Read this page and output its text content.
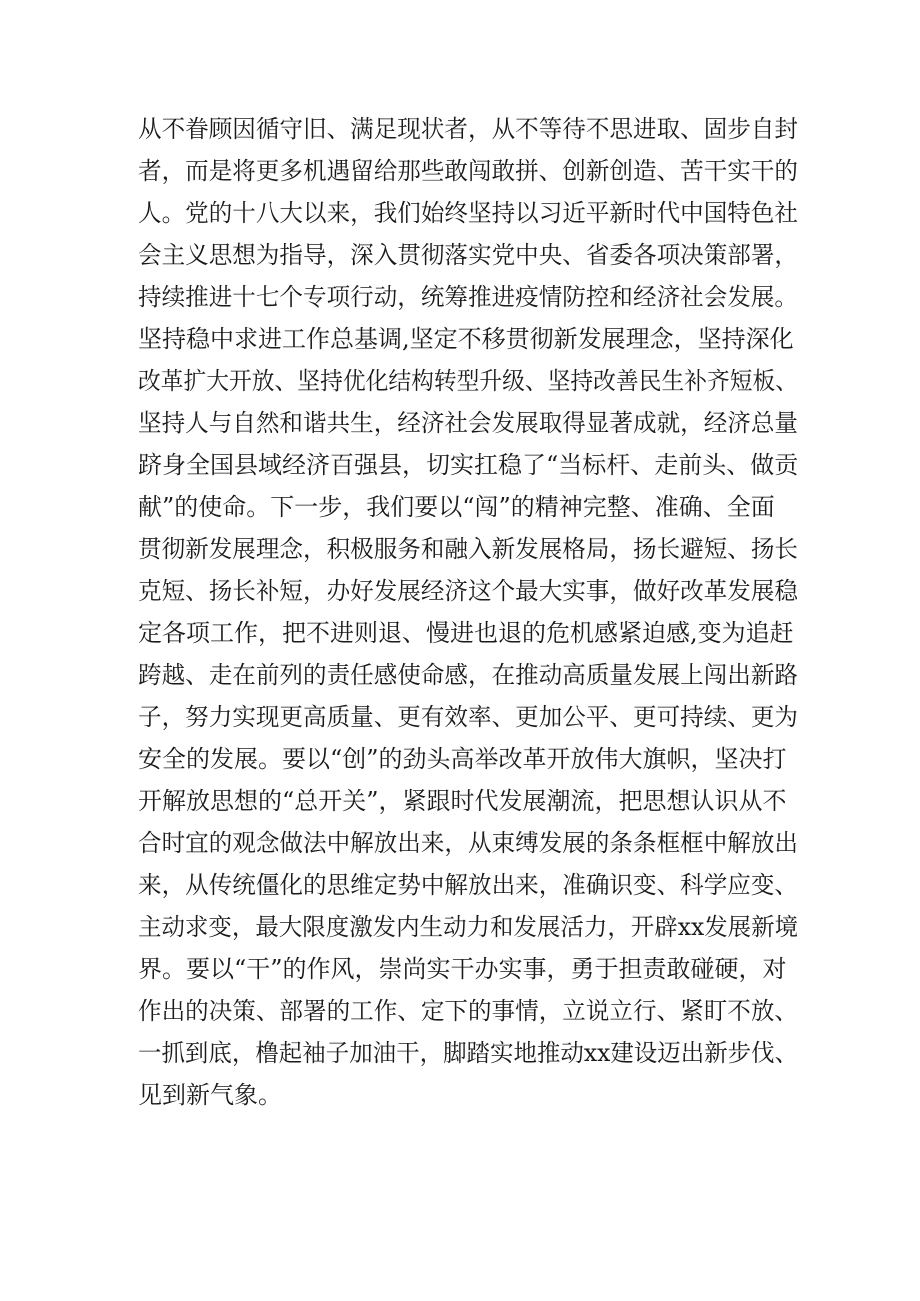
从不眷顾因循守旧、满足现状者，从不等待不思进取、固步自封
者，而是将更多机遇留给那些敢闯敢拼、创新创造、苦干实干的
人。党的十八大以来，我们始终坚持以习近平新时代中国特色社
会主义思想为指导，深入贯彻落实党中央、省委各项决策部署，
持续推进十七个专项行动，统筹推进疫情防控和经济社会发展。
坚持稳中求进工作总基调,坚定不移贯彻新发展理念，坚持深化
改革扩大开放、坚持优化结构转型升级、坚持改善民生补齐短板、
坚持人与自然和谐共生，经济社会发展取得显著成就，经济总量
跻身全国县域经济百强县，切实扛稳了“当标杆、走前头、做贡
献”的使命。下一步，我们要以“闯”的精神完整、准确、全面
贯彻新发展理念，积极服务和融入新发展格局，扬长避短、扬长
克短、扬长补短，办好发展经济这个最大实事，做好改革发展稳
定各项工作，把不进则退、慢进也退的危机感紧迫感,变为追赶
跨越、走在前列的责任感使命感，在推动高质量发展上闯出新路
子，努力实现更高质量、更有效率、更加公平、更可持续、更为
安全的发展。要以“创”的劲头高举改革开放伟大旗帜，坚决打
开解放思想的“总开关”，紧跟时代发展潮流，把思想认识从不
合时宜的观念做法中解放出来，从束缚发展的条条框框中解放出
来，从传统僵化的思维定势中解放出来，准确识变、科学应变、
主动求变，最大限度激发内生动力和发展活力，开辟xx发展新境
界。要以“干”的作风，崇尚实干办实事，勇于担责敢碰硬，对
作出的决策、部署的工作、定下的事情，立说立行、紧盯不放、
一抓到底，橹起袖子加油干，脚踏实地推动xx建设迈出新步伐、
见到新气象。
